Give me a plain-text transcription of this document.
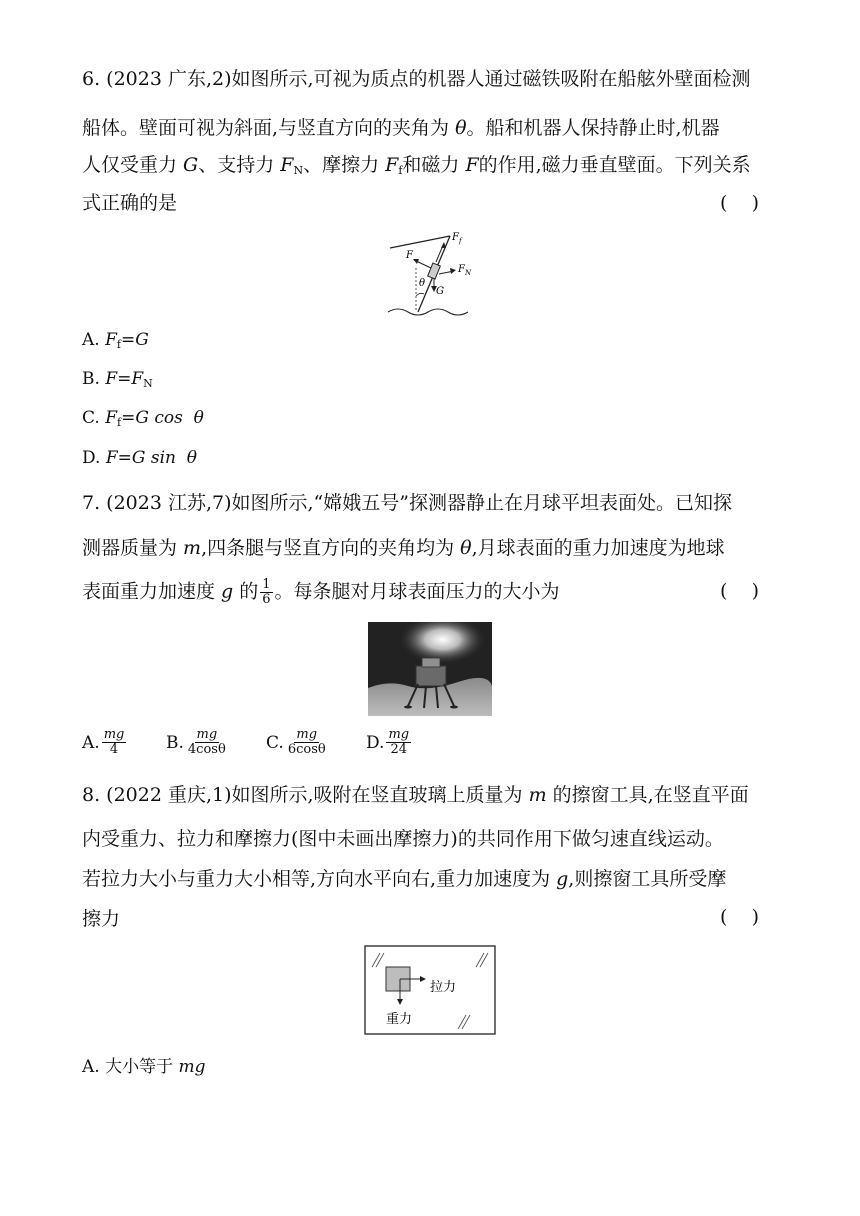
6. (2023 广东,2)如图所示,可视为质点的机器人通过磁铁吸附在船舷外壁面检测
船体。壁面可视为斜面,与竖直方向的夹角为 θ。船和机器人保持静止时,机器
人仅受重力 G、支持力 $F_N$、摩擦力 $F_f$和磁力 F的作用,磁力垂直壁面。下列关系
式正确的是	(    )
$F_f$
F
$F_N$
G
θ
A. $F_f=G$
B. $F=F_N$
C. $F_f=G$ cos θ
D. F=G sin θ
7. (2023 江苏,7)如图所示,“嫦娥五号”探测器静止在月球平坦表面处。已知探
测器质量为 m,四条腿与竖直方向的夹角均为 θ,月球表面的重力加速度为地球
表面重力加速度 g 的 $\frac{1}{6}$ 。每条腿对月球表面压力的大小为	(    )
A. $\frac{mg}{4} B$. $\frac{mg}{4\cos\theta} C$. $\frac{mg}{6\cos\theta} D$. $\frac{mg}{24}$
8. (2022 重庆,1)如图所示,吸附在竖直玻璃上质量为 m 的擦窗工具,在竖直平面
内受重力、拉力和摩擦力(图中未画出摩擦力)的共同作用下做匀速直线运动。
若拉力大小与重力大小相等,方向水平向右,重力加速度为 g,则擦窗工具所受摩
擦力	(    )
拉力
重力
A. 大小等于 mg
